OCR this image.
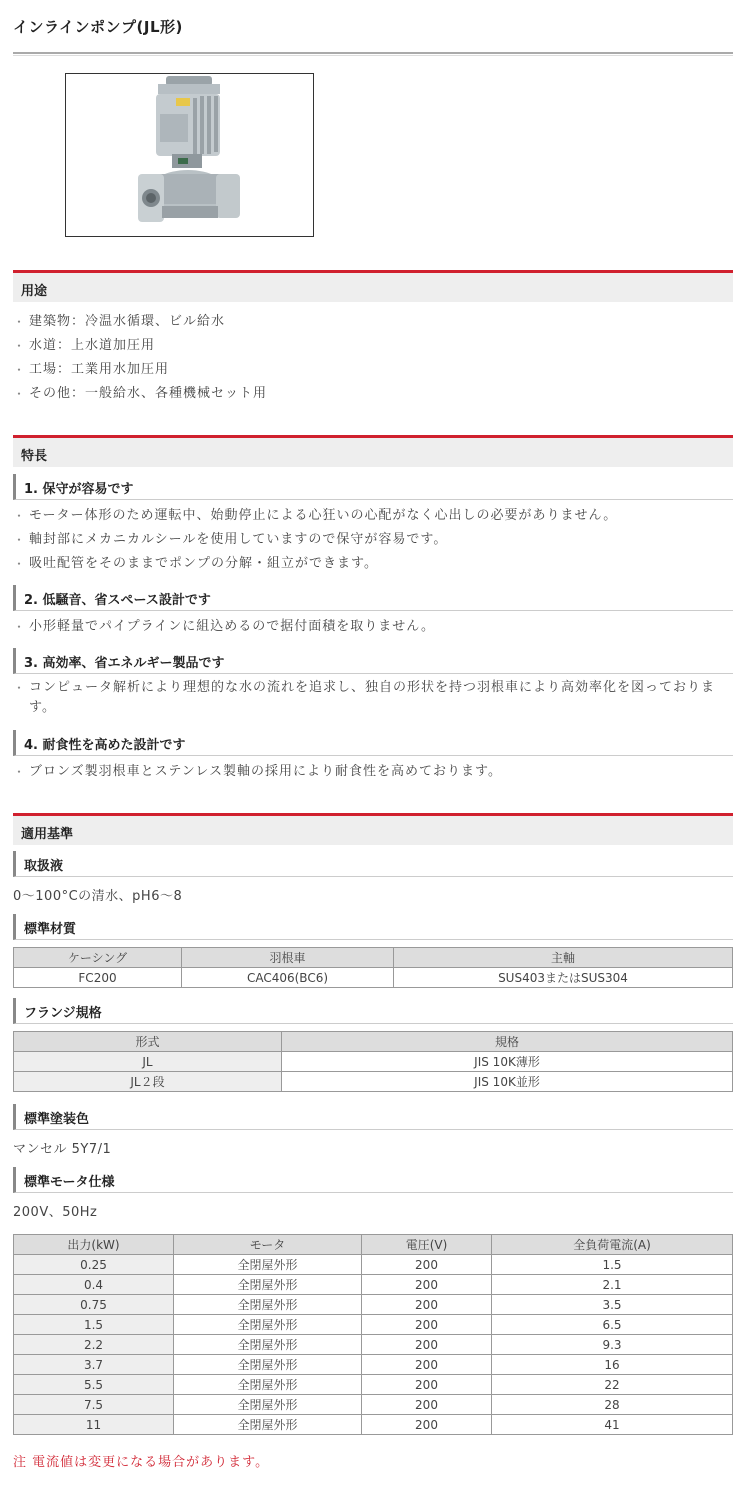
インラインポンプ(JL形)
用途
・ 建築物：冷温水循環、ビル給水
・ 水道：上水道加圧用
・ 工場：工業用水加圧用
・ その他：一般給水、各種機械セット用
特長
1. 保守が容易です
・ モーター体形のため運転中、始動停止による心狂いの心配がなく心出しの必要がありません。
・ 軸封部にメカニカルシールを使用していますので保守が容易です。
・ 吸吐配管をそのままでポンプの分解・組立ができます。
2. 低騒音、省スペース設計です
・ 小形軽量でパイプラインに組込めるので据付面積を取りません。
3. 高効率、省エネルギー製品です
・ コンピュータ解析により理想的な水の流れを追求し、独自の形状を持つ羽根車により高効率化を図っております。
4. 耐食性を高めた設計です
・ ブロンズ製羽根車とステンレス製軸の採用により耐食性を高めております。
適用基準
取扱液
0～100°Cの清水、pH6～8
標準材質
ケーシング	羽根車	主軸
FC200	CAC406(BC6)	SUS403またはSUS304
フランジ規格
形式	規格
JL	JIS 10K薄形
JL２段	JIS 10K並形
標準塗装色
マンセル 5Y7/1
標準モータ仕様
200V、50Hz
出力(kW)	モータ	電圧(V)	全負荷電流(A)
0.25	全閉屋外形	200	1.5
0.4	全閉屋外形	200	2.1
0.75	全閉屋外形	200	3.5
1.5	全閉屋外形	200	6.5
2.2	全閉屋外形	200	9.3
3.7	全閉屋外形	200	16
5.5	全閉屋外形	200	22
7.5	全閉屋外形	200	28
11	全閉屋外形	200	41
注 電流値は変更になる場合があります。
